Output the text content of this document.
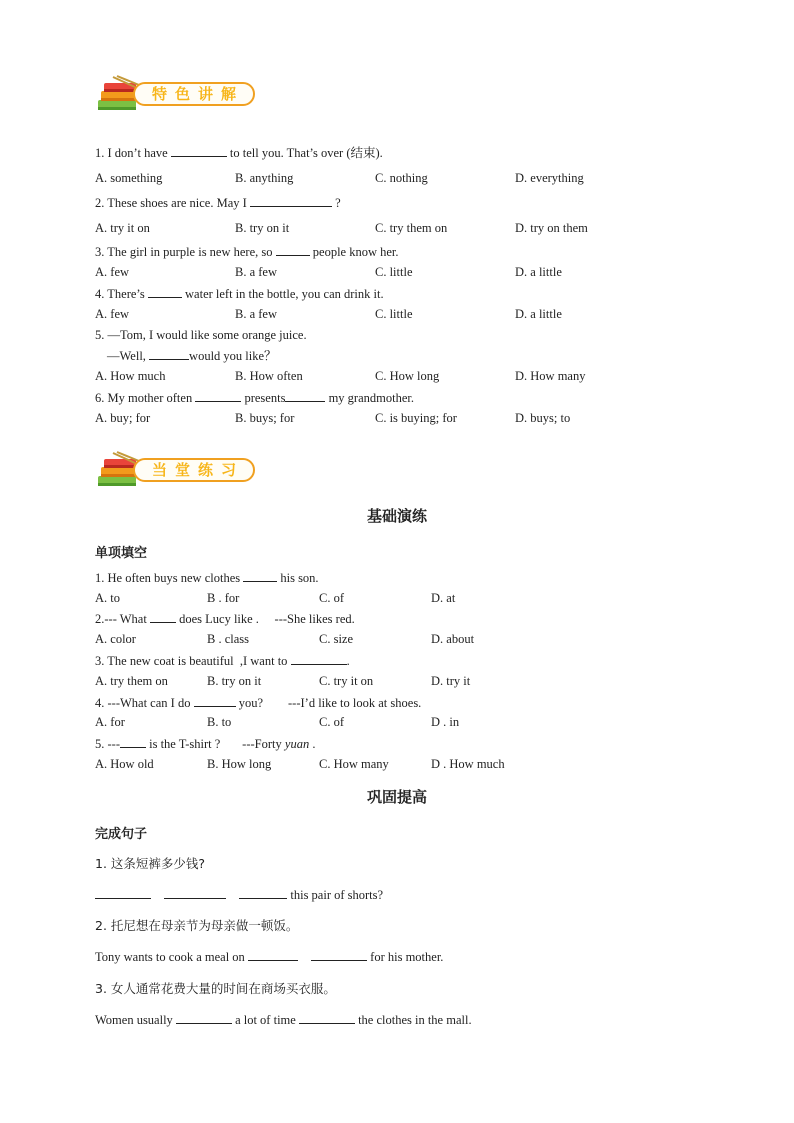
特色讲解
1. I don’t have	to tell you. That’s over (结束).
A. something	B. anything	C. nothing	D. everything
2. These shoes are nice. May I	?
A. try it on	B. try on it	C. try them on	D. try on them
3. The girl in purple is new here, so	people know her.
A. few	B. a few	C. little	D. a little
4. There’s	water left in the bottle, you can drink it.
A. few	B. a few	C. little	D. a little
5. —Tom, I would like some orange juice.
—Well,	would you like？
A. How much	B. How often	C. How long	D. How many
6. My mother often	presents	my grandmother.
A. buy; for	B. buys; for	C. is buying; for	D. buys; to
当堂练习
基础演练
单项填空
1. He often buys new clothes	his son.
A. to	B . for	C. of	D. at
2.--- What	does Lucy like .     ---She likes red.
A. color	B . class	C. size	D. about
3. The new coat is beautiful  ,I want to	.
A. try them on	B. try on it	C. try it on	D. try it
4. ---What can I do	you?        ---I’d like to look at shoes.
A. for	B. to	C. of	D . in
5. --- is the T-shirt ?       ---Forty yuan .
A. How old	B. How long	C. How many	D . How much
巩固提高
完成句子
1. 这条短裤多少钱?
this pair of shorts?
2. 托尼想在母亲节为母亲做一顿饭。
Tony wants to cook a meal on	for his mother.
3. 女人通常花费大量的时间在商场买衣服。
Women usually	a lot of time	the clothes in the mall.
